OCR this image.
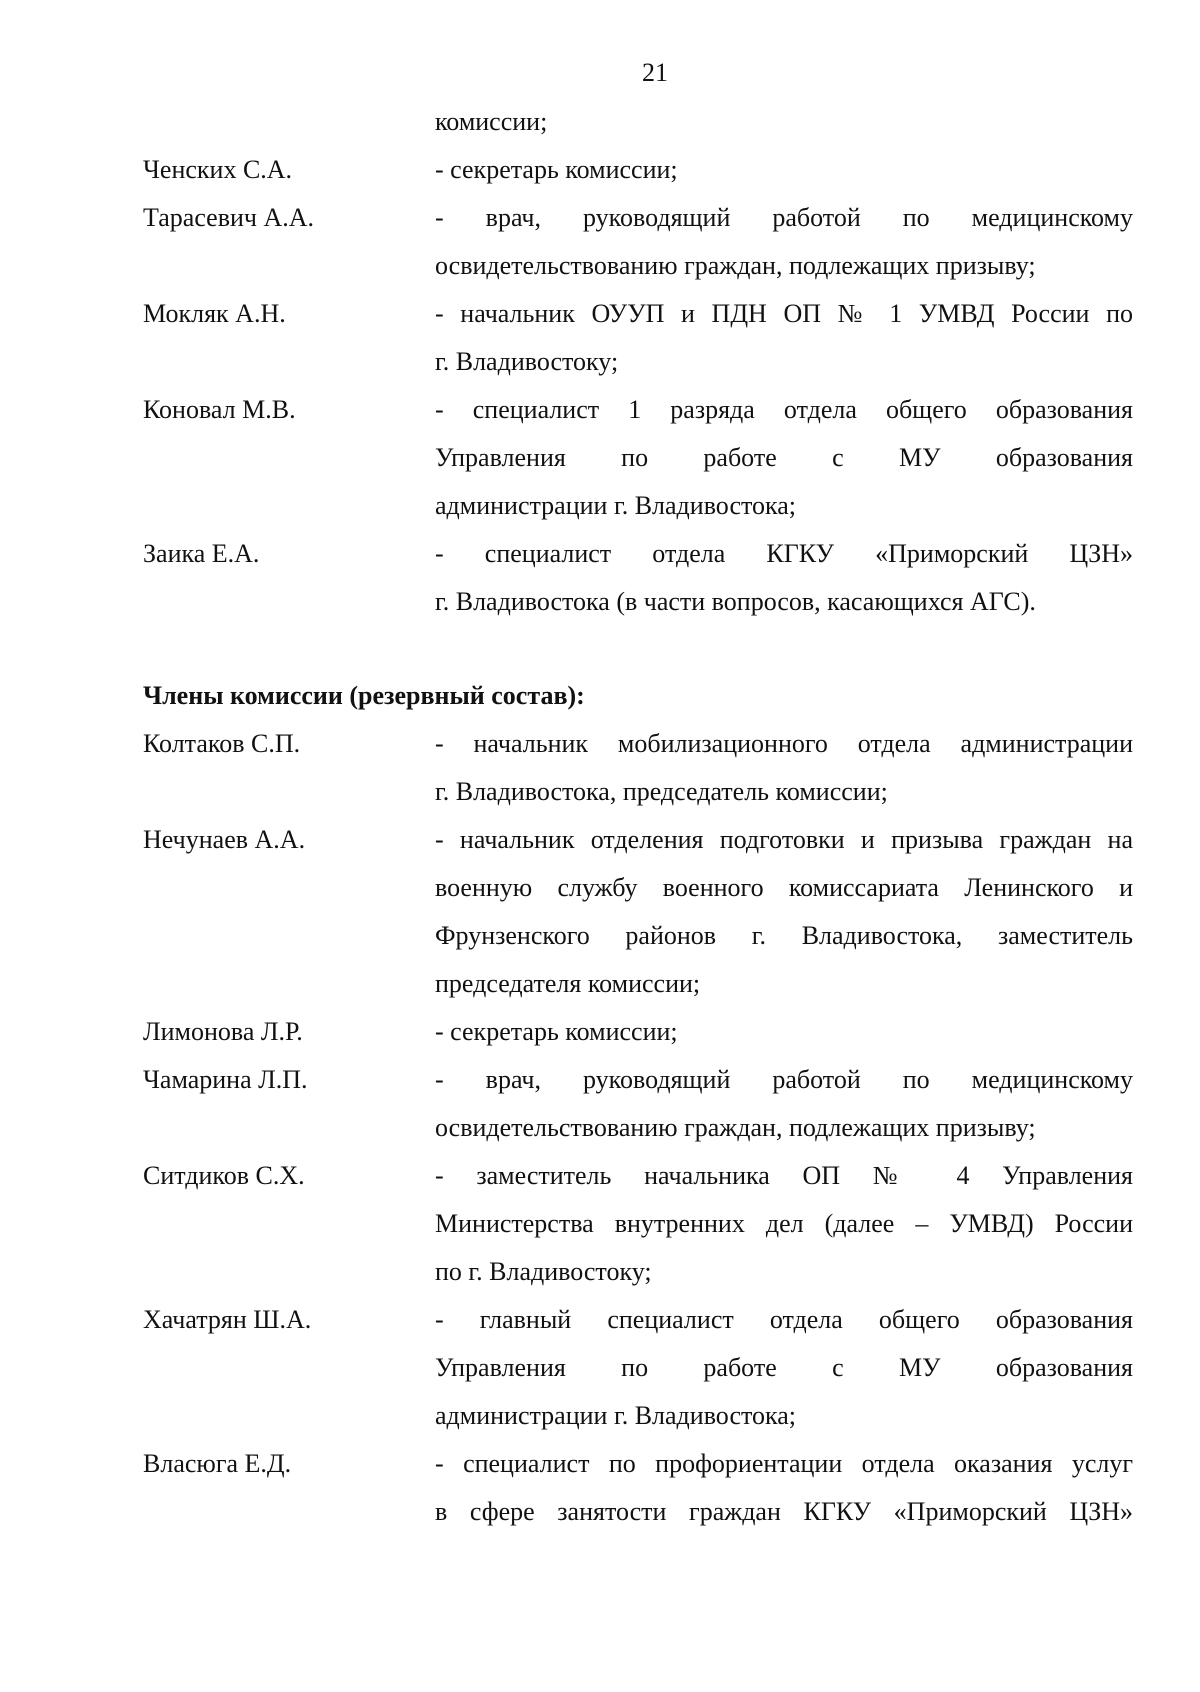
21
комиссии;
Ченских С.А.	- секретарь комиссии;
Тарасевич А.А.	- врач, руководящий работой по медицинскому
освидетельствованию граждан, подлежащих призыву;
Мокляк А.Н.	- начальник ОУУП и ПДН ОП № 1 УМВД России по
г. Владивостоку;
Коновал М.В.	- специалист 1 разряда отдела общего образования
Управления по работе с МУ образования
администрации г. Владивостока;
Заика Е.А.	- специалист отдела КГКУ «Приморский ЦЗН»
г. Владивостока (в части вопросов, касающихся АГС).
Члены комиссии (резервный состав):
Колтаков С.П.	- начальник мобилизационного отдела администрации
г. Владивостока, председатель комиссии;
Нечунаев А.А.	- начальник отделения подготовки и призыва граждан на
военную службу военного комиссариата Ленинского и
Фрунзенского районов г. Владивостока, заместитель
председателя комиссии;
Лимонова Л.Р.	- секретарь комиссии;
Чамарина Л.П.	- врач, руководящий работой по медицинскому
освидетельствованию граждан, подлежащих призыву;
Ситдиков С.Х.	- заместитель начальника ОП № 4 Управления
Министерства внутренних дел (далее – УМВД) России
по г. Владивостоку;
Хачатрян Ш.А.	- главный специалист отдела общего образования
Управления по работе с МУ образования
администрации г. Владивостока;
Власюга Е.Д.	- специалист по профориентации отдела оказания услуг
в сфере занятости граждан КГКУ «Приморский ЦЗН»
